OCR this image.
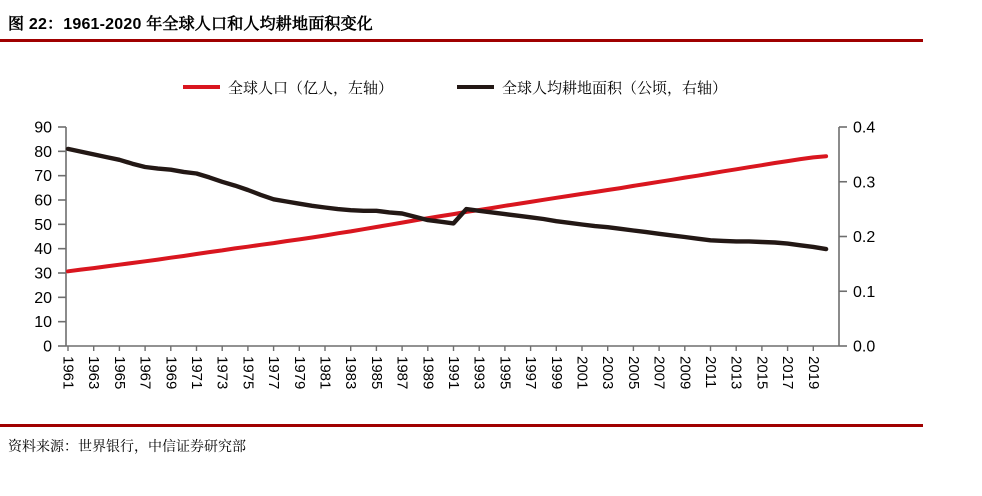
图 22：1961-2020 年全球人口和人均耕地面积变化
全球人口（亿人，左轴）	全球人均耕地面积（公顷，右轴）
0
10
20
30
40
50
60
70
80
90
0.0
0.1
0.2
0.3
0.4
1961 1963 1965 1967 1969 1971 1973 1975 1977 1979 1981 1983 1985 1987 1989 1991 1993 1995 1997 1999 2001 2003 2005 2007 2009 2011 2013 2015 2017 2019
资料来源：世界银行，中信证券研究部
